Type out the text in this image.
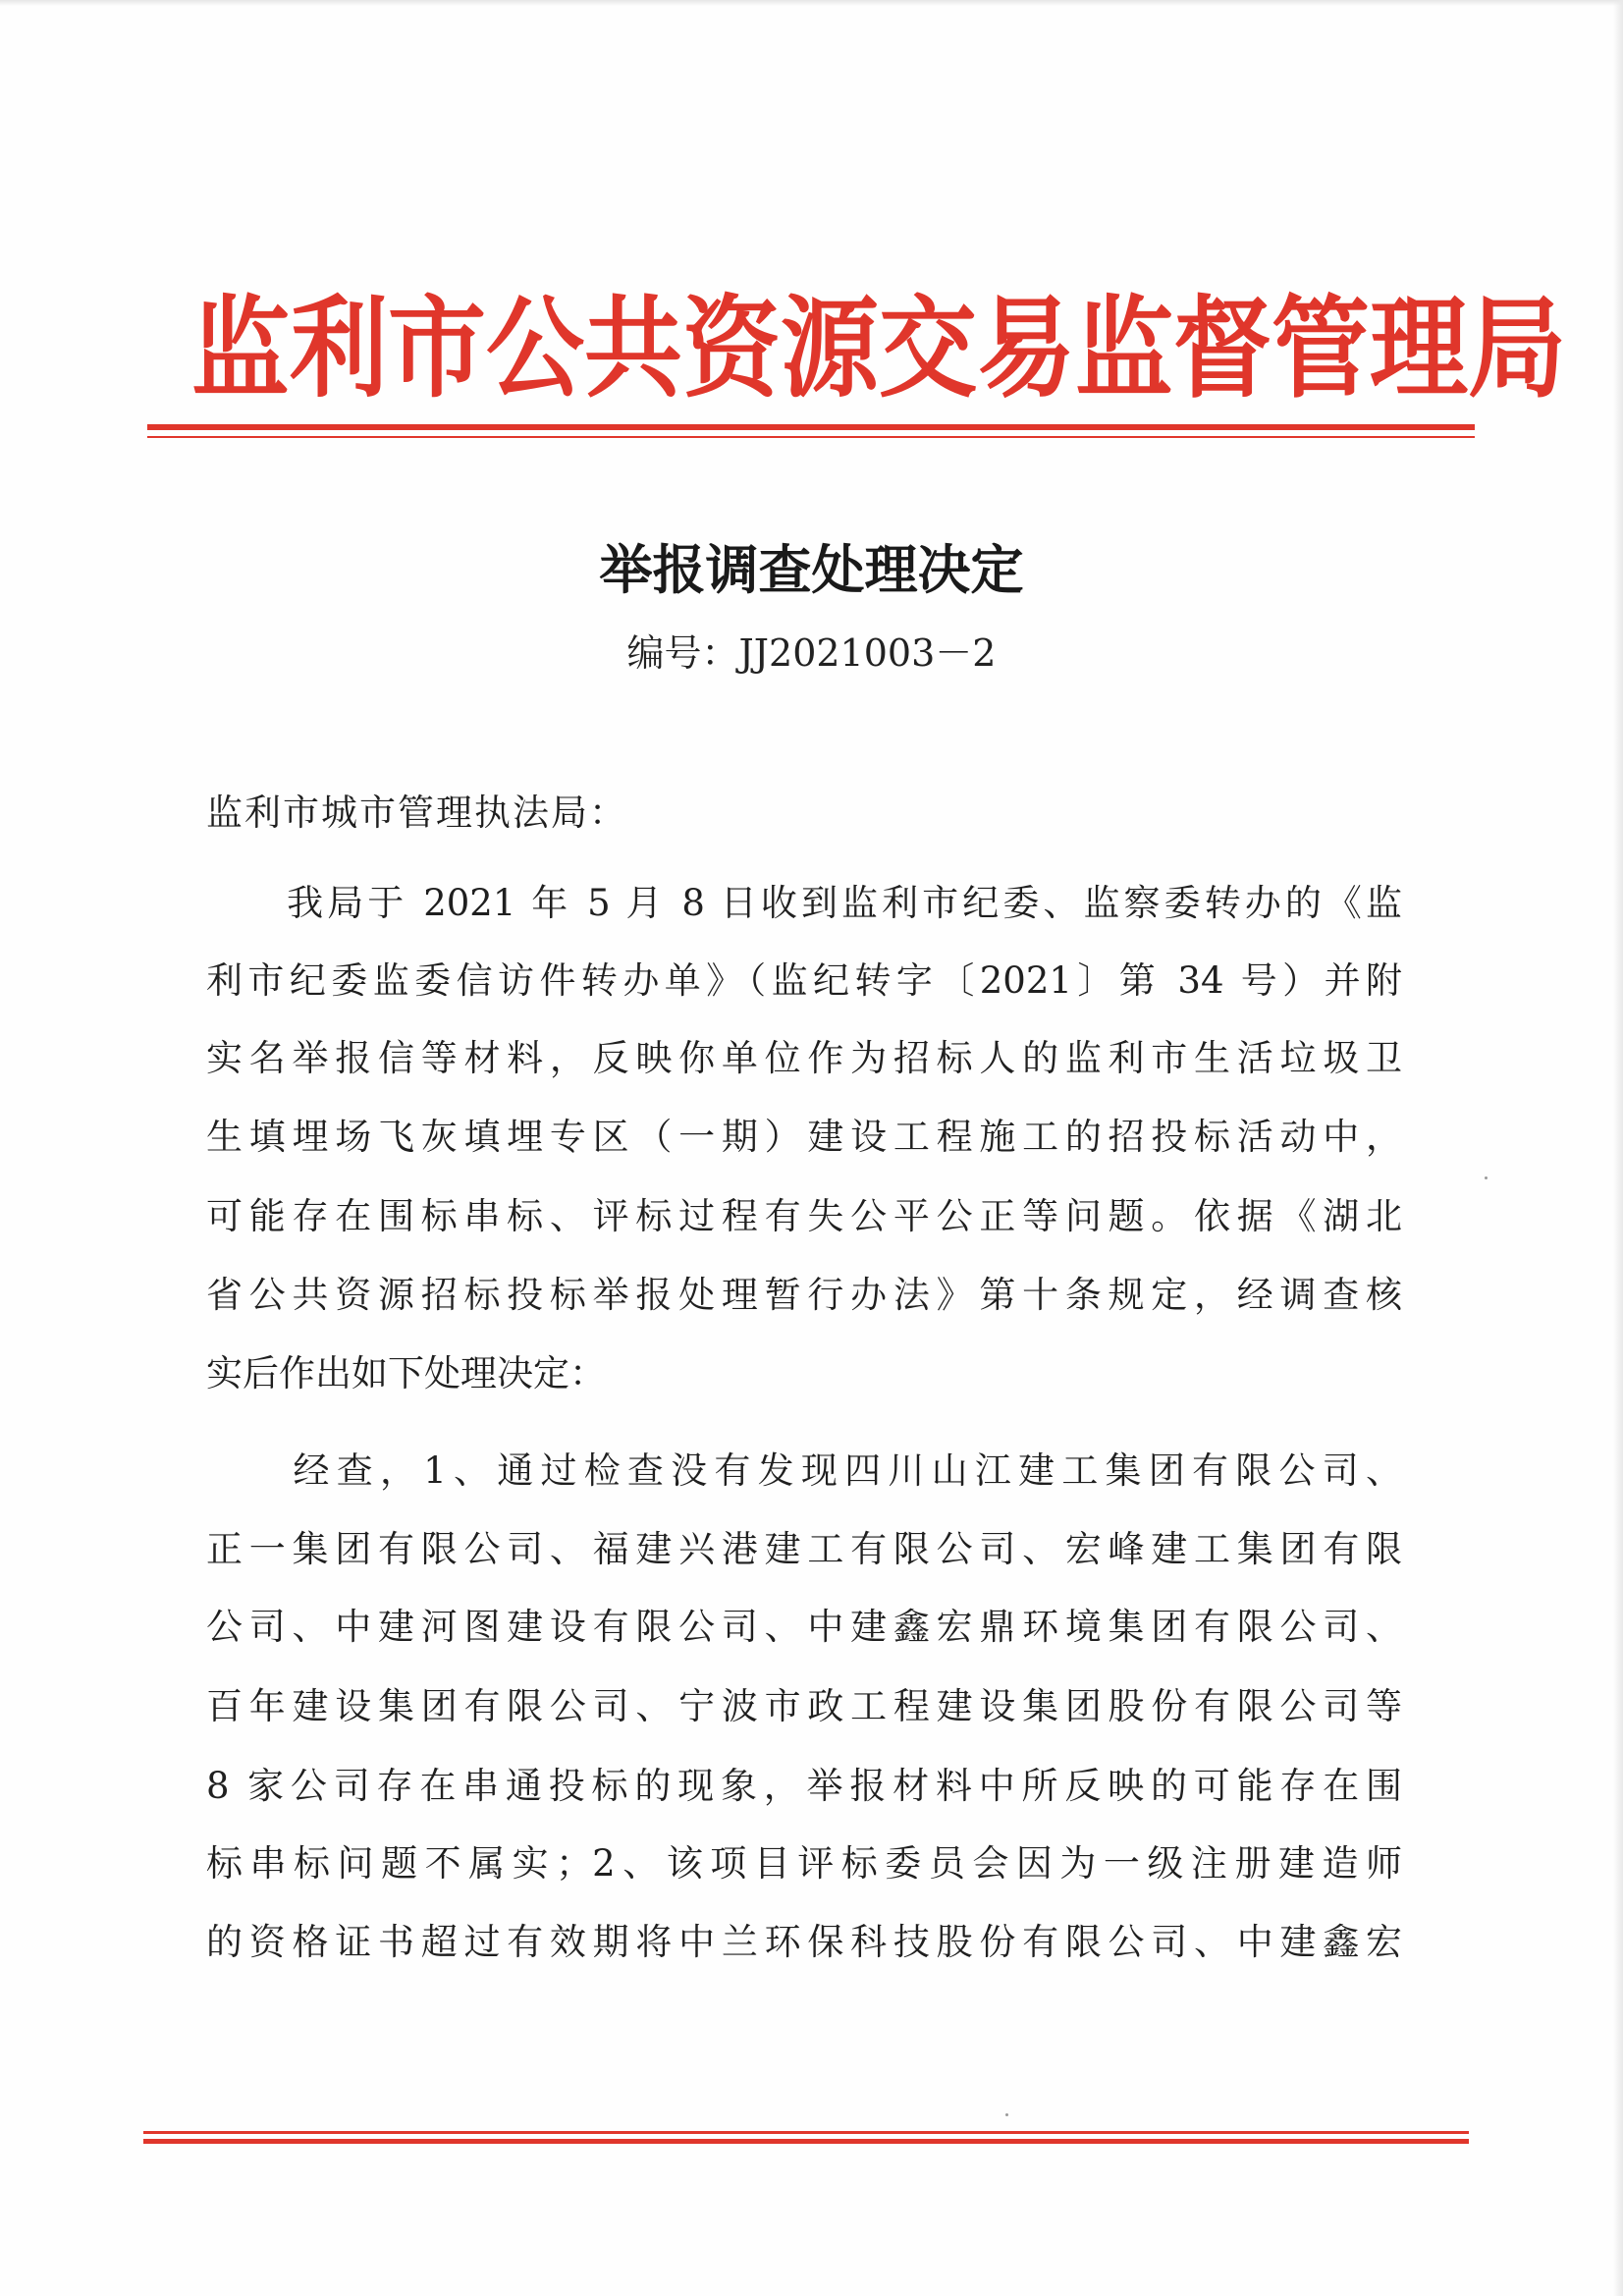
监利市公共资源交易监督管理局
举报调查处理决定
编号：JJ2021003－2
监利市城市管理执法局：
　　我局于 2021 年 5 月 8 日收到监利市纪委、监察委转办的《监
利市纪委监委信访件转办单》（监纪转字〔2021〕第 34 号）并附
实名举报信等材料，反映你单位作为招标人的监利市生活垃圾卫
生填埋场飞灰填埋专区（一期）建设工程施工的招投标活动中，
可能存在围标串标、评标过程有失公平公正等问题。依据《湖北
省公共资源招标投标举报处理暂行办法》第十条规定，经调查核
实后作出如下处理决定：
　　经查，1、通过检查没有发现四川山江建工集团有限公司、
正一集团有限公司、福建兴港建工有限公司、宏峰建工集团有限
公司、中建河图建设有限公司、中建鑫宏鼎环境集团有限公司、
百年建设集团有限公司、宁波市政工程建设集团股份有限公司等
8 家公司存在串通投标的现象，举报材料中所反映的可能存在围
标串标问题不属实；2、该项目评标委员会因为一级注册建造师
的资格证书超过有效期将中兰环保科技股份有限公司、中建鑫宏
